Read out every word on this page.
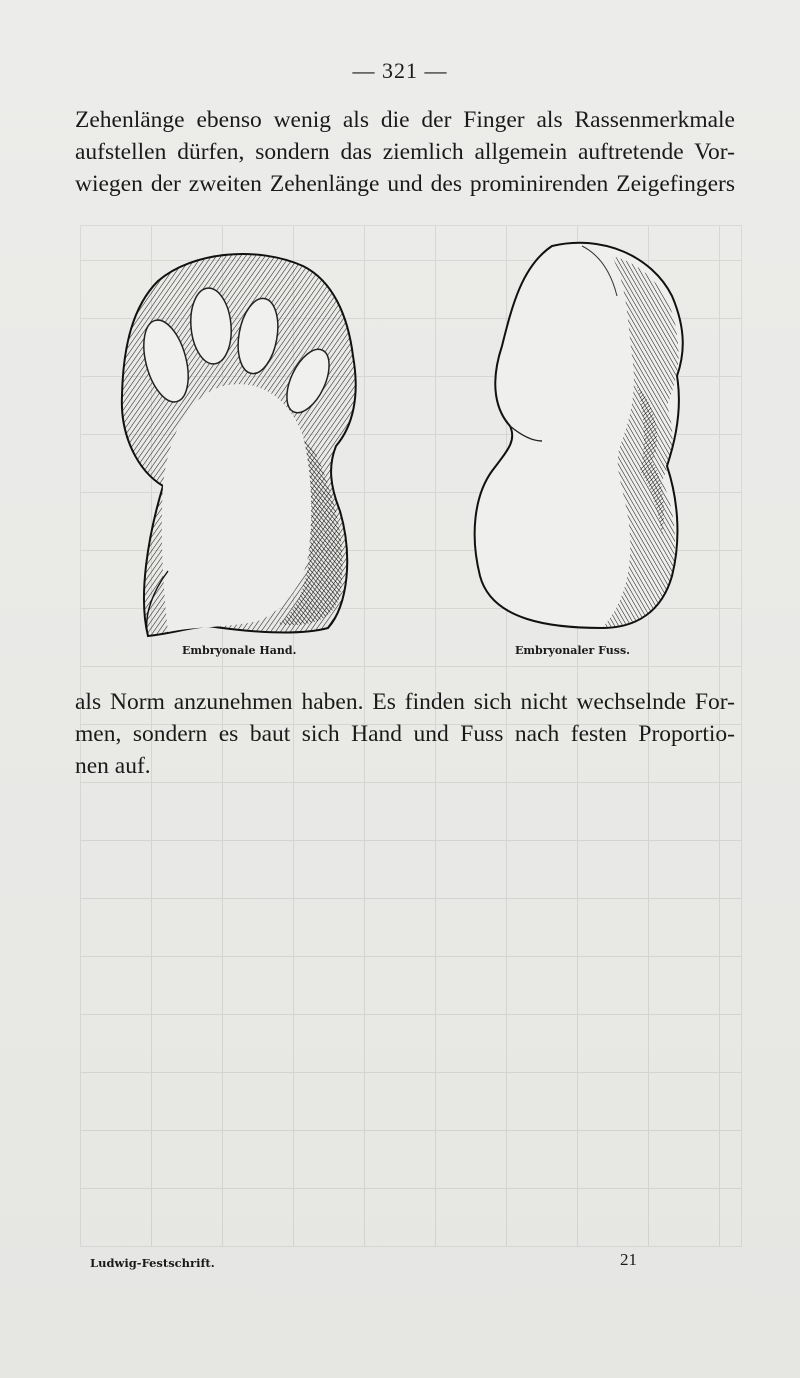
— 321 —

Zehenlänge ebenso wenig als die der Finger als Rassenmerkmale
aufstellen dürfen, sondern das ziemlich allgemein auftretende Vor-
wiegen der zweiten Zehenlänge und des prominirenden Zeigefingers

Embryonale Hand.	Embryonaler Fuss.

als Norm anzunehmen haben. Es finden sich nicht wechselnde For-
men, sondern es baut sich Hand und Fuss nach festen Proportio-
nen auf.

Ludwig-Festschrift.	21
